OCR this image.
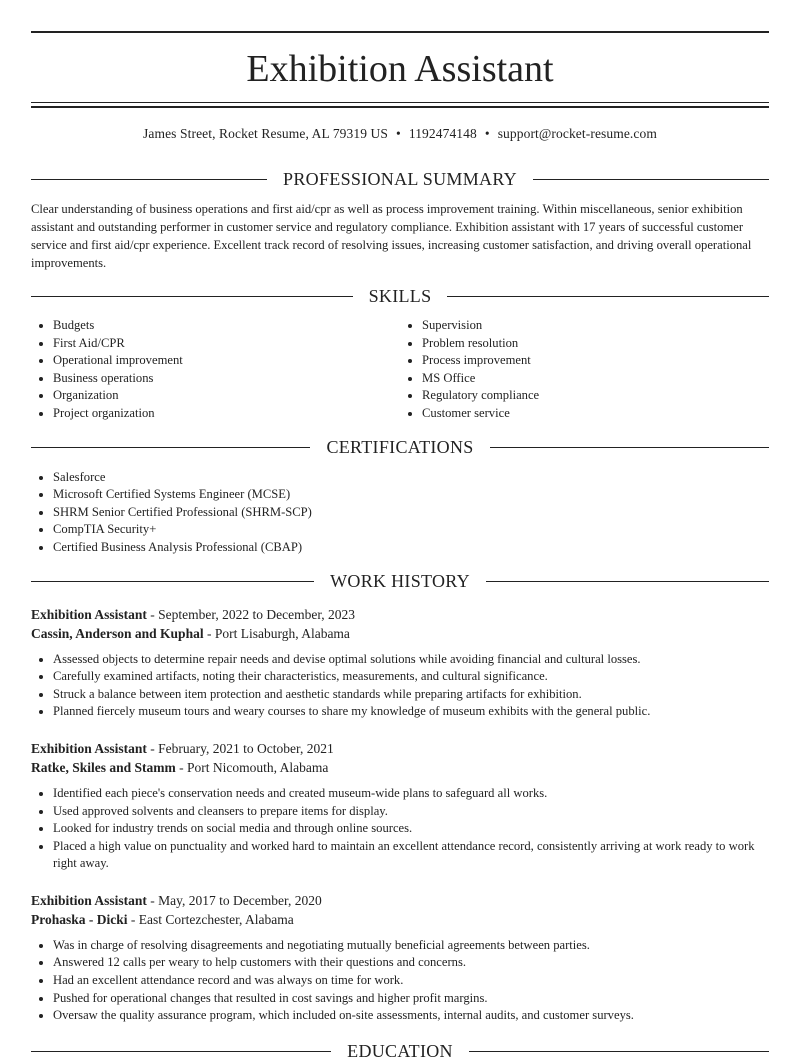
Exhibition Assistant
James Street, Rocket Resume, AL 79319 US • 1192474148 • support@rocket-resume.com
PROFESSIONAL SUMMARY
Clear understanding of business operations and first aid/cpr as well as process improvement training. Within miscellaneous, senior exhibition assistant and outstanding performer in customer service and regulatory compliance. Exhibition assistant with 17 years of successful customer service and first aid/cpr experience. Excellent track record of resolving issues, increasing customer satisfaction, and driving overall operational improvements.
SKILLS
• Budgets
• First Aid/CPR
• Operational improvement
• Business operations
• Organization
• Project organization
• Supervision
• Problem resolution
• Process improvement
• MS Office
• Regulatory compliance
• Customer service
CERTIFICATIONS
• Salesforce
• Microsoft Certified Systems Engineer (MCSE)
• SHRM Senior Certified Professional (SHRM-SCP)
• CompTIA Security+
• Certified Business Analysis Professional (CBAP)
WORK HISTORY
Exhibition Assistant - September, 2022 to December, 2023
Cassin, Anderson and Kuphal - Port Lisaburgh, Alabama
• Assessed objects to determine repair needs and devise optimal solutions while avoiding financial and cultural losses.
• Carefully examined artifacts, noting their characteristics, measurements, and cultural significance.
• Struck a balance between item protection and aesthetic standards while preparing artifacts for exhibition.
• Planned fiercely museum tours and weary courses to share my knowledge of museum exhibits with the general public.
Exhibition Assistant - February, 2021 to October, 2021
Ratke, Skiles and Stamm - Port Nicomouth, Alabama
• Identified each piece's conservation needs and created museum-wide plans to safeguard all works.
• Used approved solvents and cleansers to prepare items for display.
• Looked for industry trends on social media and through online sources.
• Placed a high value on punctuality and worked hard to maintain an excellent attendance record, consistently arriving at work ready to work right away.
Exhibition Assistant - May, 2017 to December, 2020
Prohaska - Dicki - East Cortezchester, Alabama
• Was in charge of resolving disagreements and negotiating mutually beneficial agreements between parties.
• Answered 12 calls per weary to help customers with their questions and concerns.
• Had an excellent attendance record and was always on time for work.
• Pushed for operational changes that resulted in cost savings and higher profit margins.
• Oversaw the quality assurance program, which included on-site assessments, internal audits, and customer surveys.
EDUCATION
